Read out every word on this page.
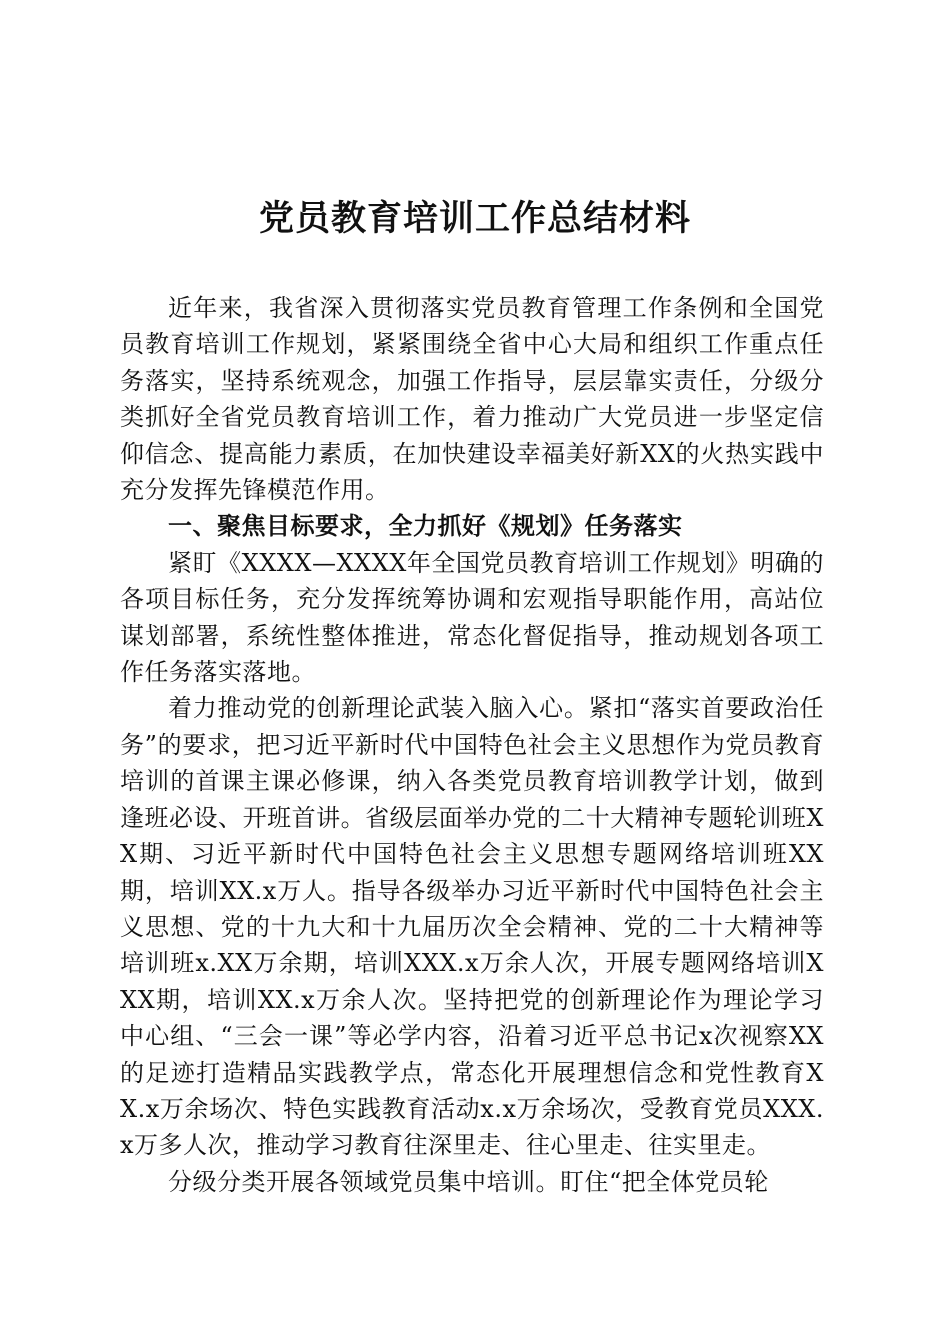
党员教育培训工作总结材料

近年来，我省深入贯彻落实党员教育管理工作条例和全国党员教育培训工作规划，紧紧围绕全省中心大局和组织工作重点任务落实，坚持系统观念，加强工作指导，层层靠实责任，分级分类抓好全省党员教育培训工作，着力推动广大党员进一步坚定信仰信念、提高能力素质，在加快建设幸福美好新XX的火热实践中充分发挥先锋模范作用。

一、聚焦目标要求，全力抓好《规划》任务落实

紧盯《XXXX—XXXX年全国党员教育培训工作规划》明确的各项目标任务，充分发挥统筹协调和宏观指导职能作用，高站位谋划部署，系统性整体推进，常态化督促指导，推动规划各项工作任务落实落地。

着力推动党的创新理论武装入脑入心。紧扣“落实首要政治任务”的要求，把习近平新时代中国特色社会主义思想作为党员教育培训的首课主课必修课，纳入各类党员教育培训教学计划，做到逢班必设、开班首讲。省级层面举办党的二十大精神专题轮训班XX期、习近平新时代中国特色社会主义思想专题网络培训班XX期，培训XX.x万人。指导各级举办习近平新时代中国特色社会主义思想、党的十九大和十九届历次全会精神、党的二十大精神等培训班x.XX万余期，培训XXX.x万余人次，开展专题网络培训XXX期，培训XX.x万余人次。坚持把党的创新理论作为理论学习中心组、“三会一课”等必学内容，沿着习近平总书记x次视察XX的足迹打造精品实践教学点，常态化开展理想信念和党性教育XX.x万余场次、特色实践教育活动x.x万余场次，受教育党员XXX.x万多人次，推动学习教育往深里走、往心里走、往实里走。

分级分类开展各领域党员集中培训。盯住“把全体党员轮
